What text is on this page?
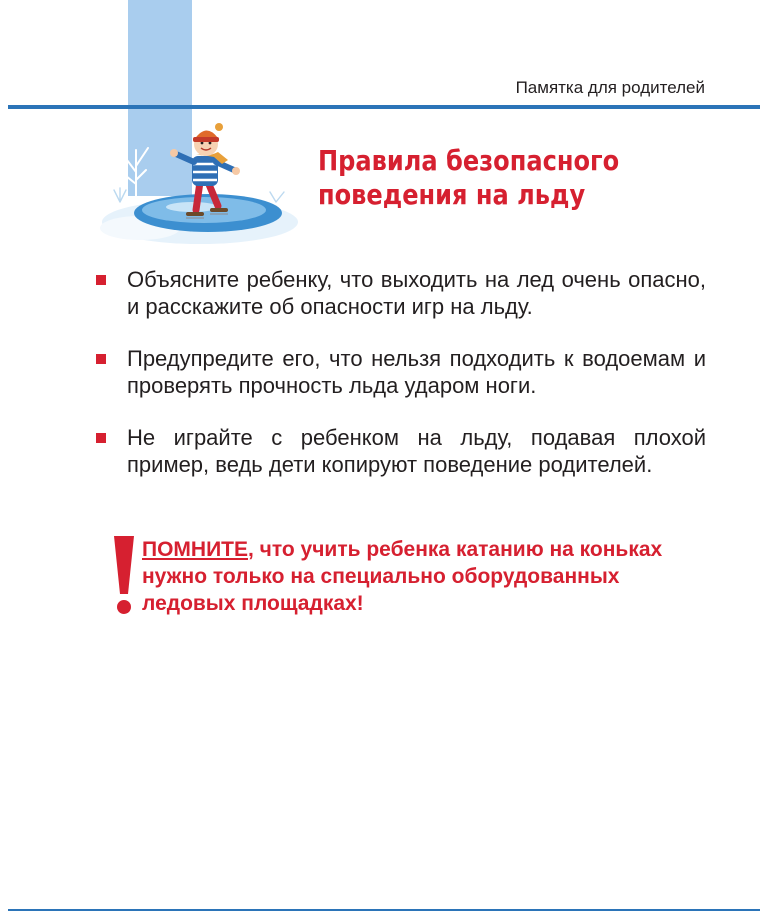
Памятка для родителей
Правила безопасного
поведения на льду
Объясните ребенку, что выходить на лед очень опасно, и расскажите об опасности игр на льду.
Предупредите его, что нельзя подходить к водоемам и проверять прочность льда ударом ноги.
Не играйте с ребенком на льду, подавая плохой пример, ведь дети копируют поведение родителей.

ПОМНИТЕ, что учить ребенка катанию на коньках нужно только на специально оборудованных ледовых площадках!
